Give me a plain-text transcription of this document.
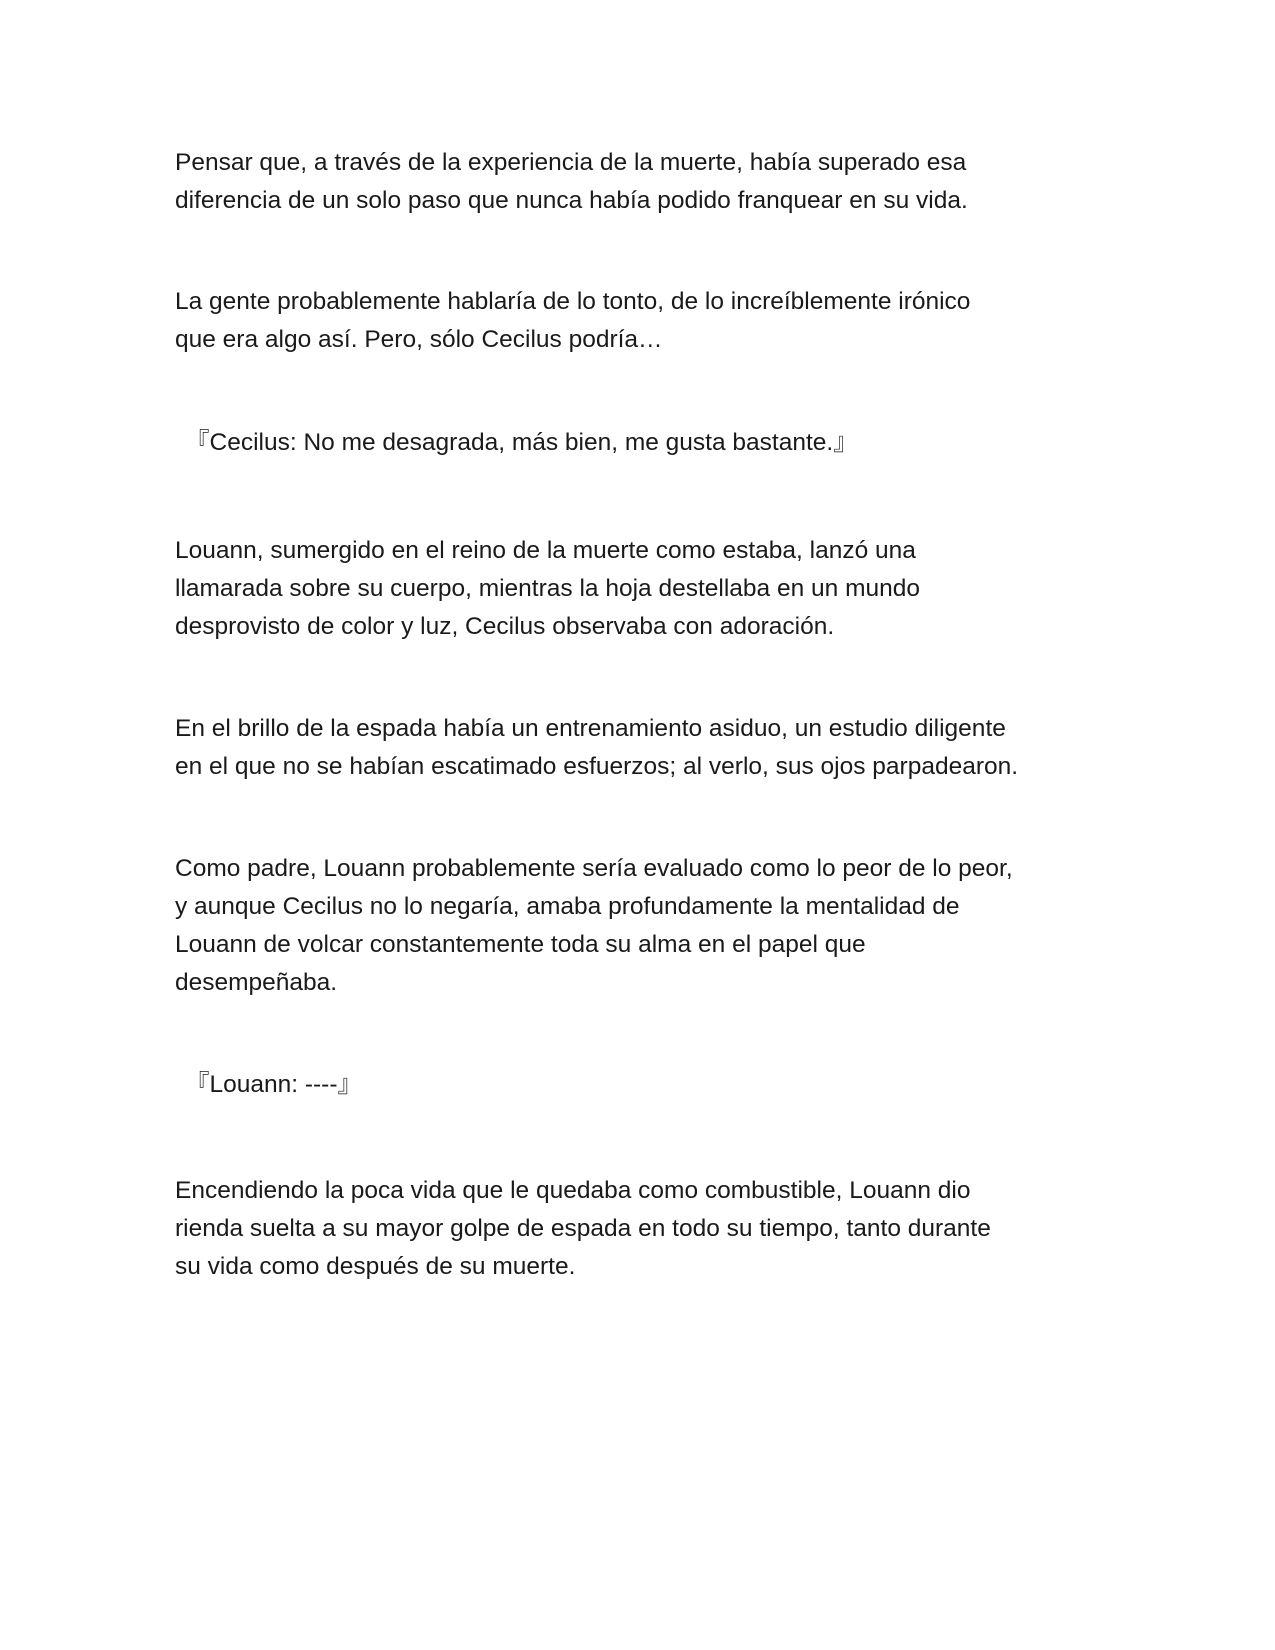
Pensar que, a través de la experiencia de la muerte, había superado esa
diferencia de un solo paso que nunca había podido franquear en su vida.

La gente probablemente hablaría de lo tonto, de lo increíblemente irónico
que era algo así. Pero, sólo Cecilus podría…

『Cecilus: No me desagrada, más bien, me gusta bastante.』

Louann, sumergido en el reino de la muerte como estaba, lanzó una
llamarada sobre su cuerpo, mientras la hoja destellaba en un mundo
desprovisto de color y luz, Cecilus observaba con adoración.

En el brillo de la espada había un entrenamiento asiduo, un estudio diligente
en el que no se habían escatimado esfuerzos; al verlo, sus ojos parpadearon.

Como padre, Louann probablemente sería evaluado como lo peor de lo peor,
y aunque Cecilus no lo negaría, amaba profundamente la mentalidad de
Louann de volcar constantemente toda su alma en el papel que
desempeñaba.

『Louann: ----』

Encendiendo la poca vida que le quedaba como combustible, Louann dio
rienda suelta a su mayor golpe de espada en todo su tiempo, tanto durante
su vida como después de su muerte.
